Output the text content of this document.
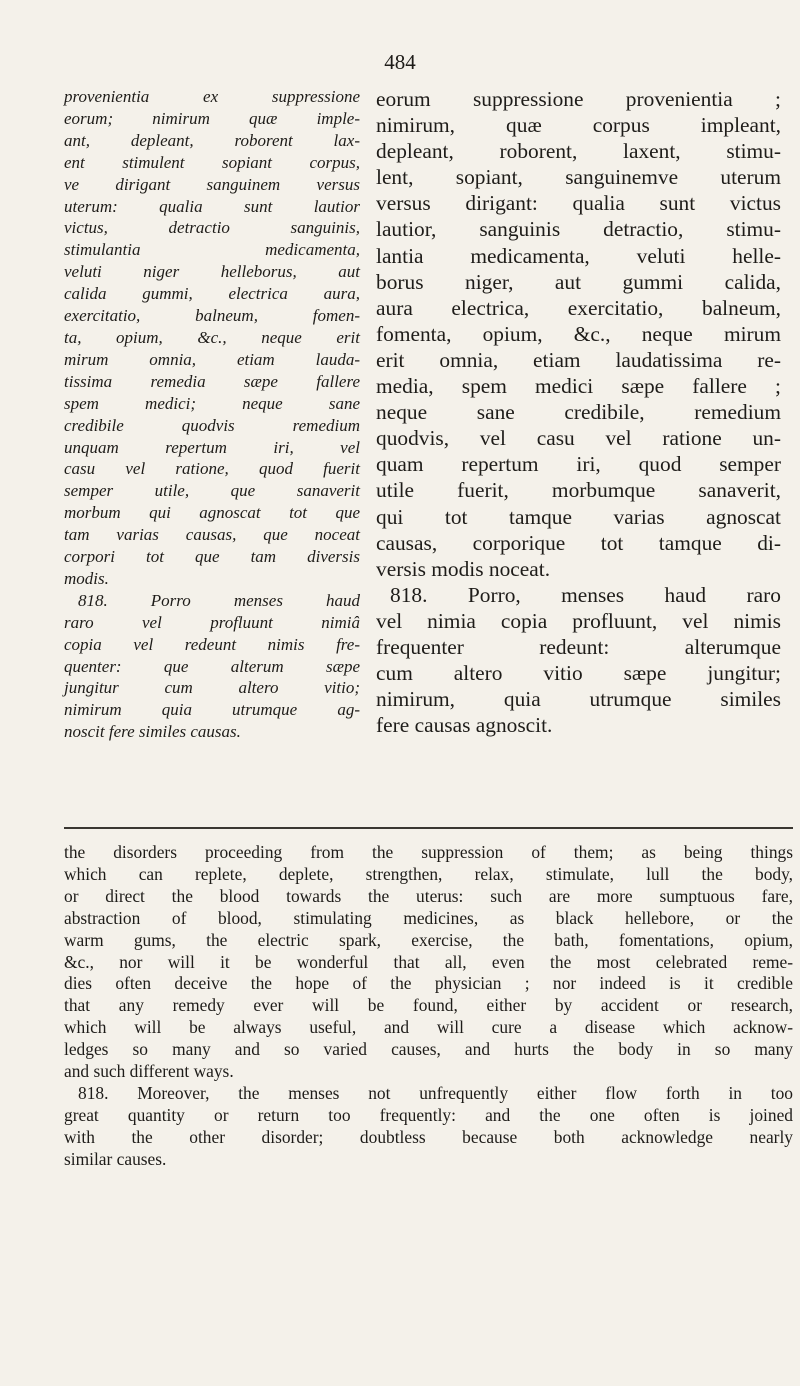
484
provenientia ex suppressione
eorum; nimirum quæ imple-
ant, depleant, roborent lax-
ent stimulent sopiant corpus,
ve dirigant sanguinem versus
uterum: qualia sunt lautior
victus, detractio sanguinis,
stimulantia medicamenta,
veluti niger helleborus, aut
calida gummi, electrica aura,
exercitatio, balneum, fomen-
ta, opium, &c., neque erit
mirum omnia, etiam lauda-
tissima remedia sæpe fallere
spem medici; neque sane
credibile quodvis remedium
unquam repertum iri, vel
casu vel ratione, quod fuerit
semper utile, que sanaverit
morbum qui agnoscat tot que
tam varias causas, que noceat
corpori tot que tam diversis
modis.
818. Porro menses haud
raro vel profluunt nimiâ
copia vel redeunt nimis fre-
quenter: que alterum sæpe
jungitur cum altero vitio;
nimirum quia utrumque ag-
noscit fere similes causas.
eorum suppressione provenientia ;
nimirum, quæ corpus impleant,
depleant, roborent, laxent, stimu-
lent, sopiant, sanguinemve uterum
versus dirigant: qualia sunt victus
lautior, sanguinis detractio, stimu-
lantia medicamenta, veluti helle-
borus niger, aut gummi calida,
aura electrica, exercitatio, balneum,
fomenta, opium, &c., neque mirum
erit omnia, etiam laudatissima re-
media, spem medici sæpe fallere ;
neque sane credibile, remedium
quodvis, vel casu vel ratione un-
quam repertum iri, quod semper
utile fuerit, morbumque sanaverit,
qui tot tamque varias agnoscat
causas, corporique tot tamque di-
versis modis noceat.
818. Porro, menses haud raro
vel nimia copia profluunt, vel nimis
frequenter redeunt: alterumque
cum altero vitio sæpe jungitur;
nimirum, quia utrumque similes
fere causas agnoscit.
the disorders proceeding from the suppression of them; as being things
which can replete, deplete, strengthen, relax, stimulate, lull the body,
or direct the blood towards the uterus: such are more sumptuous fare,
abstraction of blood, stimulating medicines, as black hellebore, or the
warm gums, the electric spark, exercise, the bath, fomentations, opium,
&c., nor will it be wonderful that all, even the most celebrated reme-
dies often deceive the hope of the physician ; nor indeed is it credible
that any remedy ever will be found, either by accident or research,
which will be always useful, and will cure a disease which acknow-
ledges so many and so varied causes, and hurts the body in so many
and such different ways.
818. Moreover, the menses not unfrequently either flow forth in too
great quantity or return too frequently: and the one often is joined
with the other disorder; doubtless because both acknowledge nearly
similar causes.
